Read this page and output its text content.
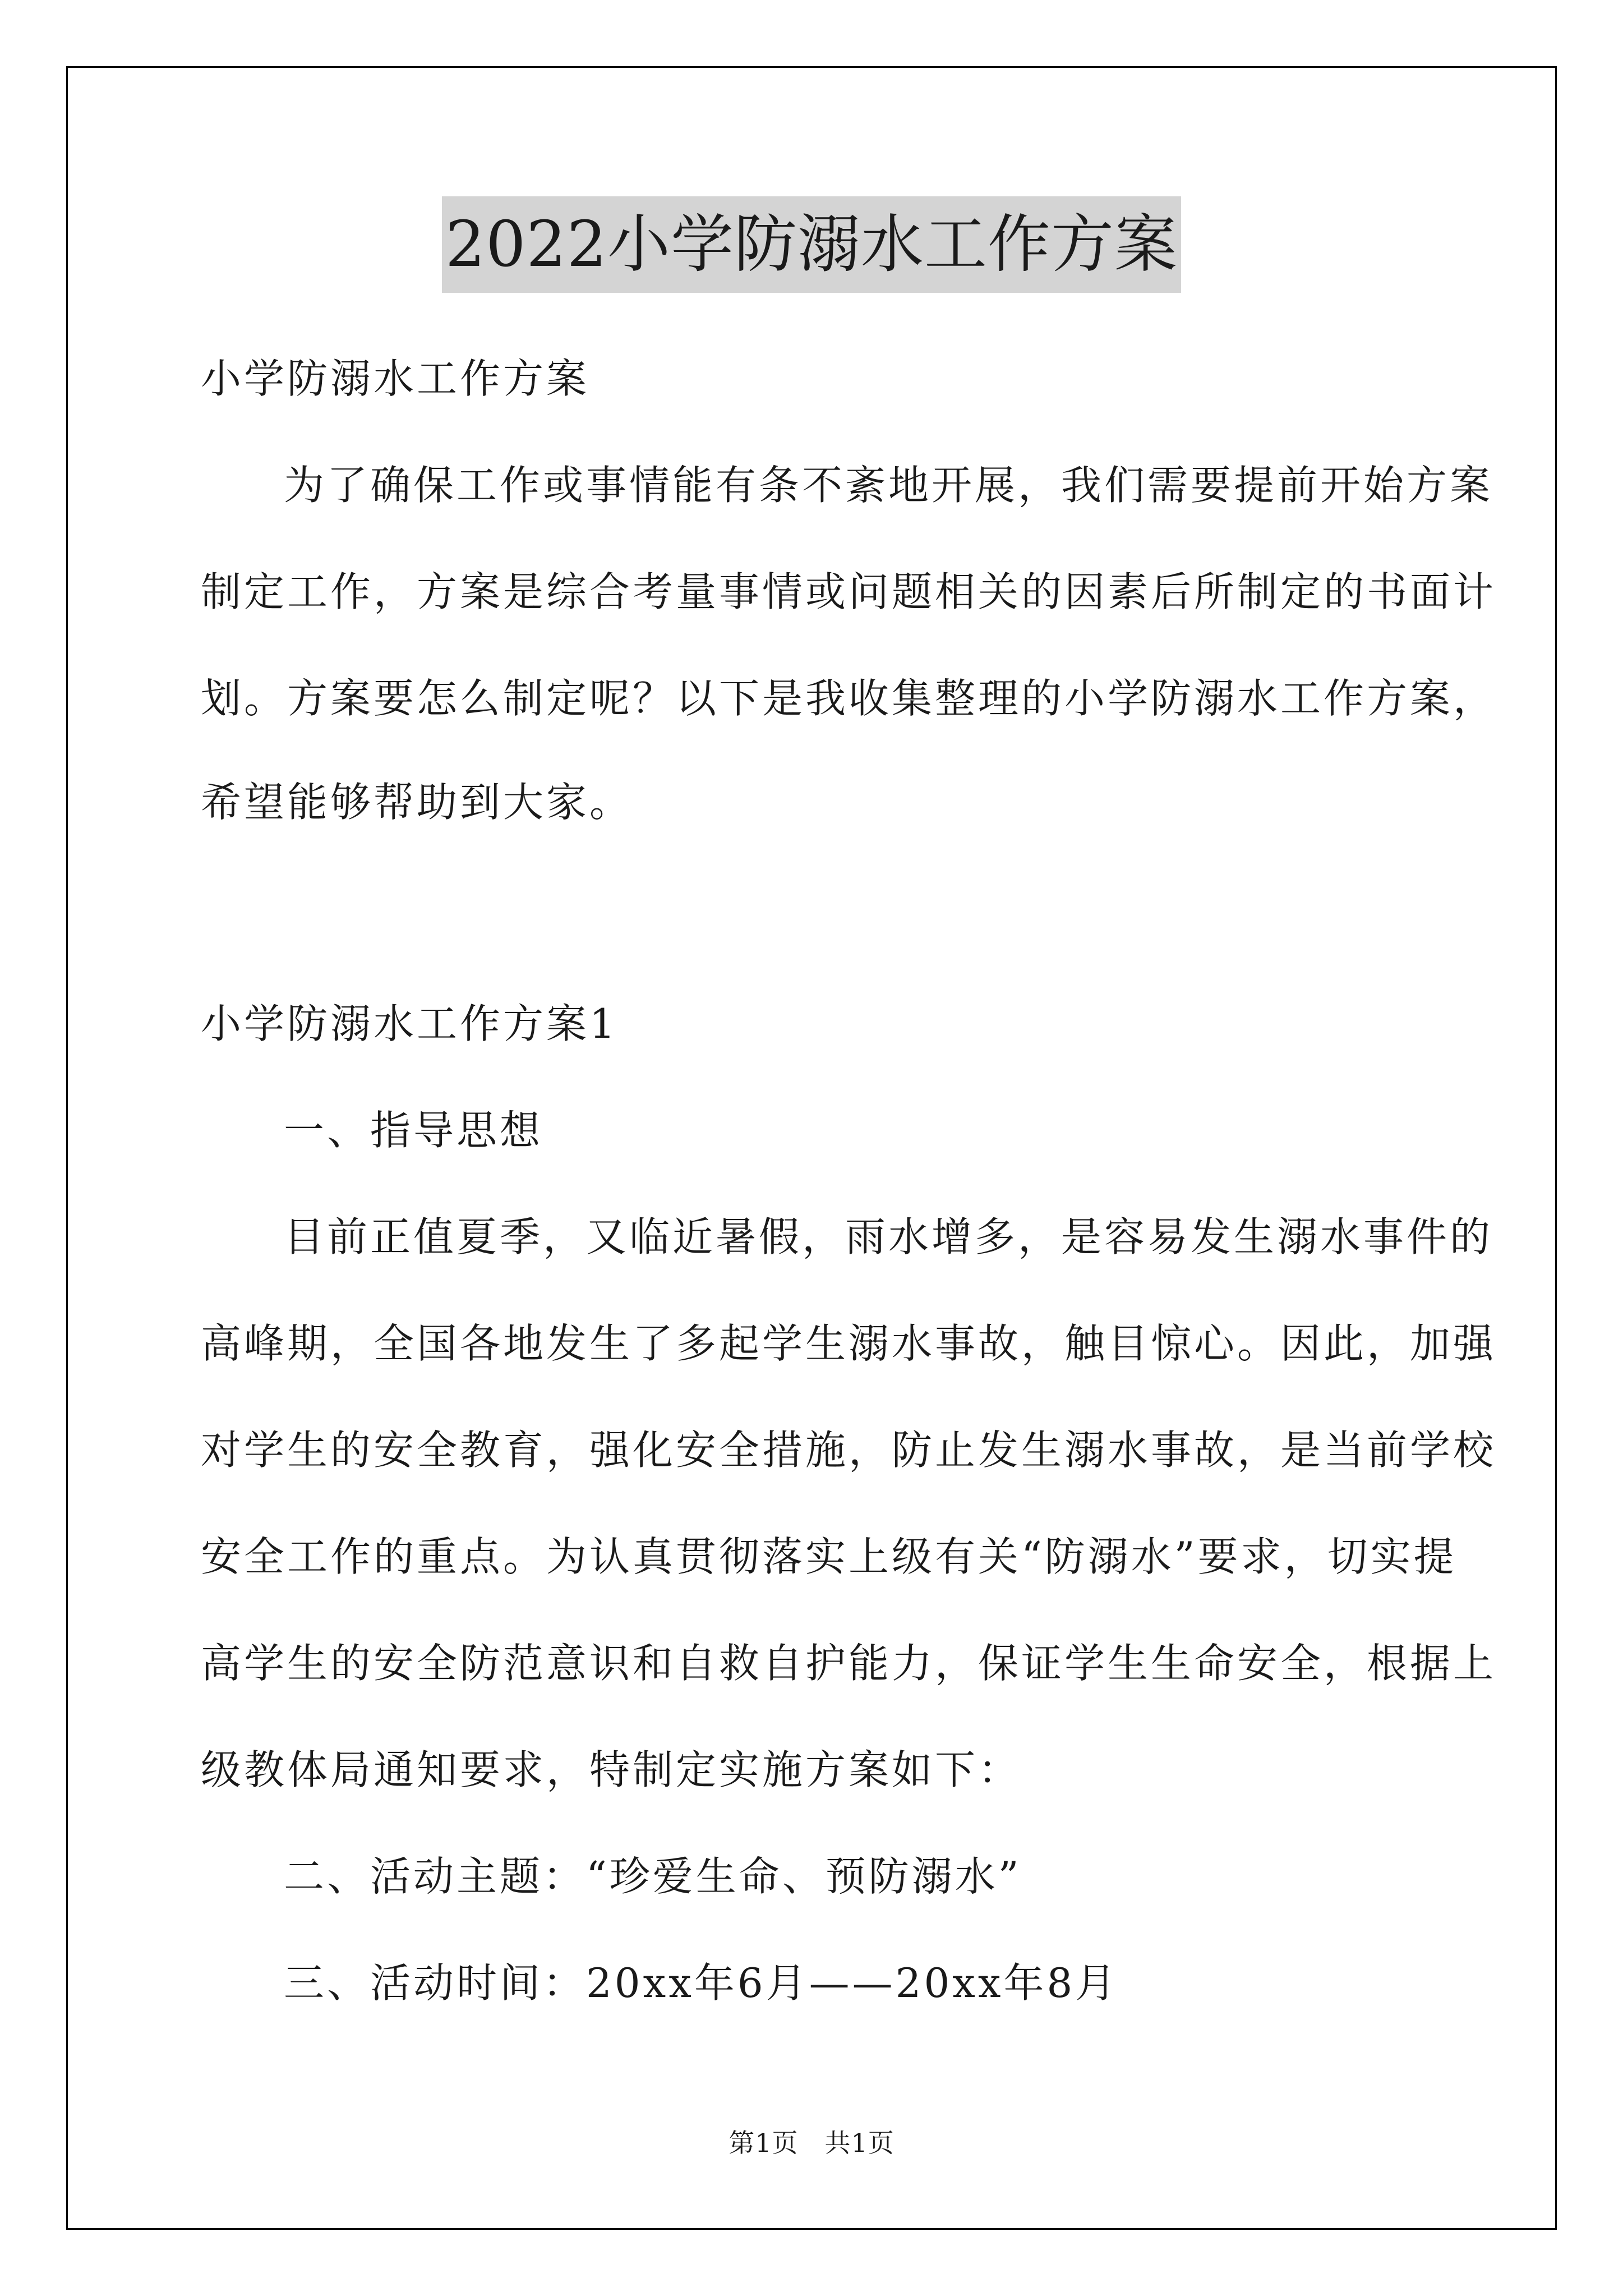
2022小学防溺水工作方案

小学防溺水工作方案

为了确保工作或事情能有条不紊地开展，我们需要提前开始方案

制定工作，方案是综合考量事情或问题相关的因素后所制定的书面计

划。方案要怎么制定呢？以下是我收集整理的小学防溺水工作方案，

希望能够帮助到大家。

小学防溺水工作方案1

一、指导思想

目前正值夏季，又临近暑假，雨水增多，是容易发生溺水事件的

高峰期，全国各地发生了多起学生溺水事故，触目惊心。因此，加强

对学生的安全教育，强化安全措施，防止发生溺水事故，是当前学校

安全工作的重点。为认真贯彻落实上级有关“防溺水”要求，切实提

高学生的安全防范意识和自救自护能力，保证学生生命安全，根据上

级教体局通知要求，特制定实施方案如下：

二、活动主题：“珍爱生命、预防溺水”

三、活动时间：20xx年6月——20xx年8月

第1页　共1页
